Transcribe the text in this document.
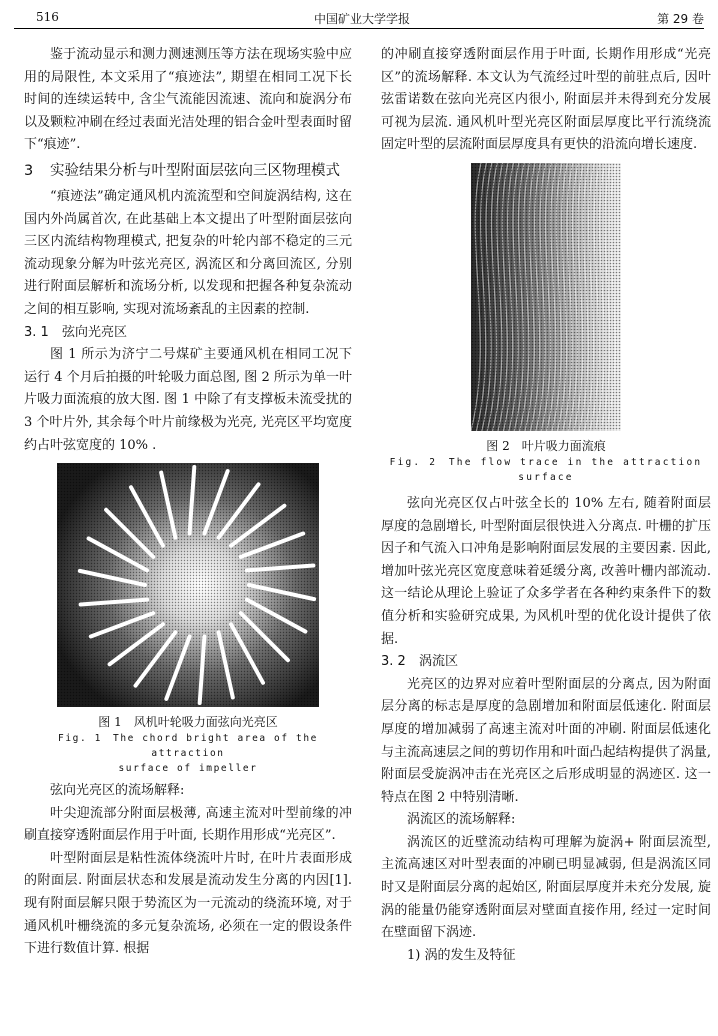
516	中国矿业大学学报	第 29 卷

鉴于流动显示和测力测速测压等方法在现场实验中应用的局限性, 本文采用了“痕迹法”, 期望在相同工况下长时间的连续运转中, 含尘气流能因流速、流向和旋涡分布以及颗粒冲刷在经过表面光洁处理的铝合金叶型表面时留下“痕迹”.

3 实验结果分析与叶型附面层弦向三区物理模式

“痕迹法”确定通风机内流流型和空间旋涡结构, 这在国内外尚属首次, 在此基础上本文提出了叶型附面层弦向三区内流结构物理模式, 把复杂的叶轮内部不稳定的三元流动现象分解为叶弦光亮区, 涡流区和分离回流区, 分别进行附面层解析和流场分析, 以发现和把握各种复杂流动之间的相互影响, 实现对流场紊乱的主因素的控制.

3. 1 弦向光亮区

图 1 所示为济宁二号煤矿主要通风机在相同工况下运行 4 个月后拍摄的叶轮吸力面总图, 图 2 所示为单一叶片吸力面流痕的放大图. 图 1 中除了有支撑板未流受扰的 3 个叶片外, 其余每个叶片前缘极为光亮, 光亮区平均宽度约占叶弦宽度的 10% .

图 1　风机叶轮吸力面弦向光亮区
Fig. 1　The chord bright area of the attraction
surface of impeller

弦向光亮区的流场解释:

叶尖迎流部分附面层极薄, 高速主流对叶型前缘的冲刷直接穿透附面层作用于叶面, 长期作用形成“光亮区”.

叶型附面层是粘性流体绕流叶片时, 在叶片表面形成的附面层. 附面层状态和发展是流动发生分离的内因[1]. 现有附面层解只限于势流区为一元流动的绕流环境, 对于通风机叶栅绕流的多元复杂流场, 必须在一定的假设条件下进行数值计算. 根据

的冲刷直接穿透附面层作用于叶面, 长期作用形成“光亮区”的流场解释. 本文认为气流经过叶型的前驻点后, 因叶弦雷诺数在弦向光亮区内很小, 附面层并未得到充分发展可视为层流. 通风机叶型光亮区附面层厚度比平行流绕流固定叶型的层流附面层厚度具有更快的沿流向增长速度.

图 2　叶片吸力面流痕
Fig. 2　The flow trace in the attraction surface

弦向光亮区仅占叶弦全长的 10% 左右, 随着附面层厚度的急剧增长, 叶型附面层很快进入分离点. 叶栅的扩压因子和气流入口冲角是影响附面层发展的主要因素. 因此, 增加叶弦光亮区宽度意味着延缓分离, 改善叶栅内部流动. 这一结论从理论上验证了众多学者在各种约束条件下的数值分析和实验研究成果, 为风机叶型的优化设计提供了依据.

3. 2 涡流区

光亮区的边界对应着叶型附面层的分离点, 因为附面层分离的标志是厚度的急剧增加和附面层低速化. 附面层厚度的增加减弱了高速主流对叶面的冲刷. 附面层低速化与主流高速层之间的剪切作用和叶面凸起结构提供了涡量, 附面层受旋涡冲击在光亮区之后形成明显的涡迹区. 这一特点在图 2 中特别清晰.

涡流区的流场解释:

涡流区的近壁流动结构可理解为旋涡+ 附面层流型, 主流高速区对叶型表面的冲刷已明显减弱, 但是涡流区同时又是附面层分离的起始区, 附面层厚度并未充分发展, 旋涡的能量仍能穿透附面层对壁面直接作用, 经过一定时间在壁面留下涡迹.

1) 涡的发生及特征
